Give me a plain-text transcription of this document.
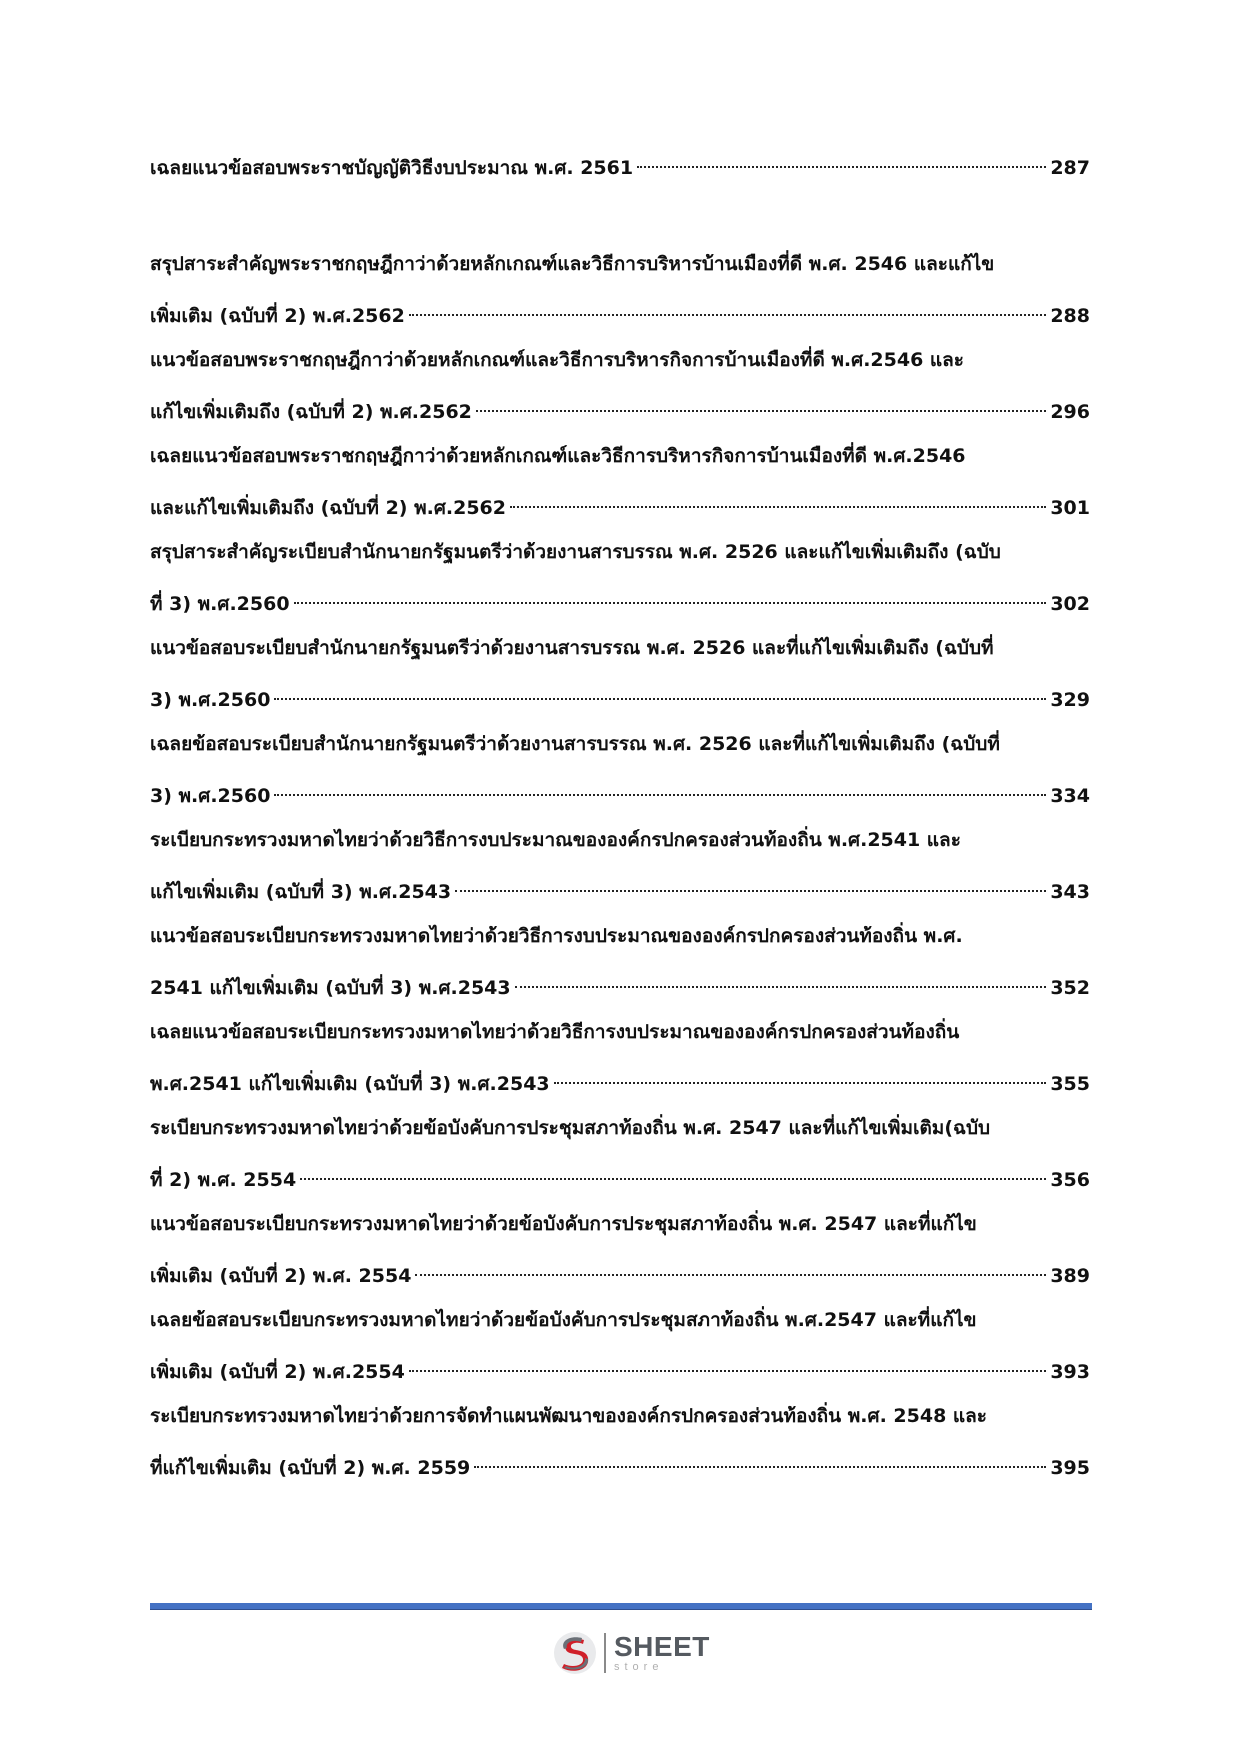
เฉลยแนวข้อสอบพระราชบัญญัติวิธีงบประมาณ พ.ศ. 2561	287
สรุปสาระสำคัญพระราชกฤษฎีกาว่าด้วยหลักเกณฑ์และวิธีการบริหารบ้านเมืองที่ดี พ.ศ. 2546 และแก้ไข
เพิ่มเติม (ฉบับที่ 2) พ.ศ.2562	288
แนวข้อสอบพระราชกฤษฎีกาว่าด้วยหลักเกณฑ์และวิธีการบริหารกิจการบ้านเมืองที่ดี พ.ศ.2546 และ
แก้ไขเพิ่มเติมถึง (ฉบับที่ 2) พ.ศ.2562	296
เฉลยแนวข้อสอบพระราชกฤษฎีกาว่าด้วยหลักเกณฑ์และวิธีการบริหารกิจการบ้านเมืองที่ดี พ.ศ.2546
และแก้ไขเพิ่มเติมถึง (ฉบับที่ 2) พ.ศ.2562	301
สรุปสาระสำคัญระเบียบสำนักนายกรัฐมนตรีว่าด้วยงานสารบรรณ พ.ศ. 2526 และแก้ไขเพิ่มเติมถึง (ฉบับ
ที่ 3) พ.ศ.2560	302
แนวข้อสอบระเบียบสำนักนายกรัฐมนตรีว่าด้วยงานสารบรรณ พ.ศ. 2526 และที่แก้ไขเพิ่มเติมถึง (ฉบับที่
3) พ.ศ.2560	329
เฉลยข้อสอบระเบียบสำนักนายกรัฐมนตรีว่าด้วยงานสารบรรณ พ.ศ. 2526 และที่แก้ไขเพิ่มเติมถึง (ฉบับที่
3) พ.ศ.2560	334
ระเบียบกระทรวงมหาดไทยว่าด้วยวิธีการงบประมาณขององค์กรปกครองส่วนท้องถิ่น พ.ศ.2541 และ
แก้ไขเพิ่มเติม (ฉบับที่ 3) พ.ศ.2543	343
แนวข้อสอบระเบียบกระทรวงมหาดไทยว่าด้วยวิธีการงบประมาณขององค์กรปกครองส่วนท้องถิ่น พ.ศ.
2541 แก้ไขเพิ่มเติม (ฉบับที่ 3) พ.ศ.2543	352
เฉลยแนวข้อสอบระเบียบกระทรวงมหาดไทยว่าด้วยวิธีการงบประมาณขององค์กรปกครองส่วนท้องถิ่น
พ.ศ.2541 แก้ไขเพิ่มเติม (ฉบับที่ 3) พ.ศ.2543	355
ระเบียบกระทรวงมหาดไทยว่าด้วยข้อบังคับการประชุมสภาท้องถิ่น พ.ศ. 2547 และที่แก้ไขเพิ่มเติม(ฉบับ
ที่ 2) พ.ศ. 2554	356
แนวข้อสอบระเบียบกระทรวงมหาดไทยว่าด้วยข้อบังคับการประชุมสภาท้องถิ่น พ.ศ. 2547 และที่แก้ไข
เพิ่มเติม (ฉบับที่ 2) พ.ศ. 2554	389
เฉลยข้อสอบระเบียบกระทรวงมหาดไทยว่าด้วยข้อบังคับการประชุมสภาท้องถิ่น พ.ศ.2547 และที่แก้ไข
เพิ่มเติม (ฉบับที่ 2) พ.ศ.2554	393
ระเบียบกระทรวงมหาดไทยว่าด้วยการจัดทำแผนพัฒนาขององค์กรปกครองส่วนท้องถิ่น พ.ศ. 2548 และ
ที่แก้ไขเพิ่มเติม (ฉบับที่ 2) พ.ศ. 2559	395
SHEET
store
